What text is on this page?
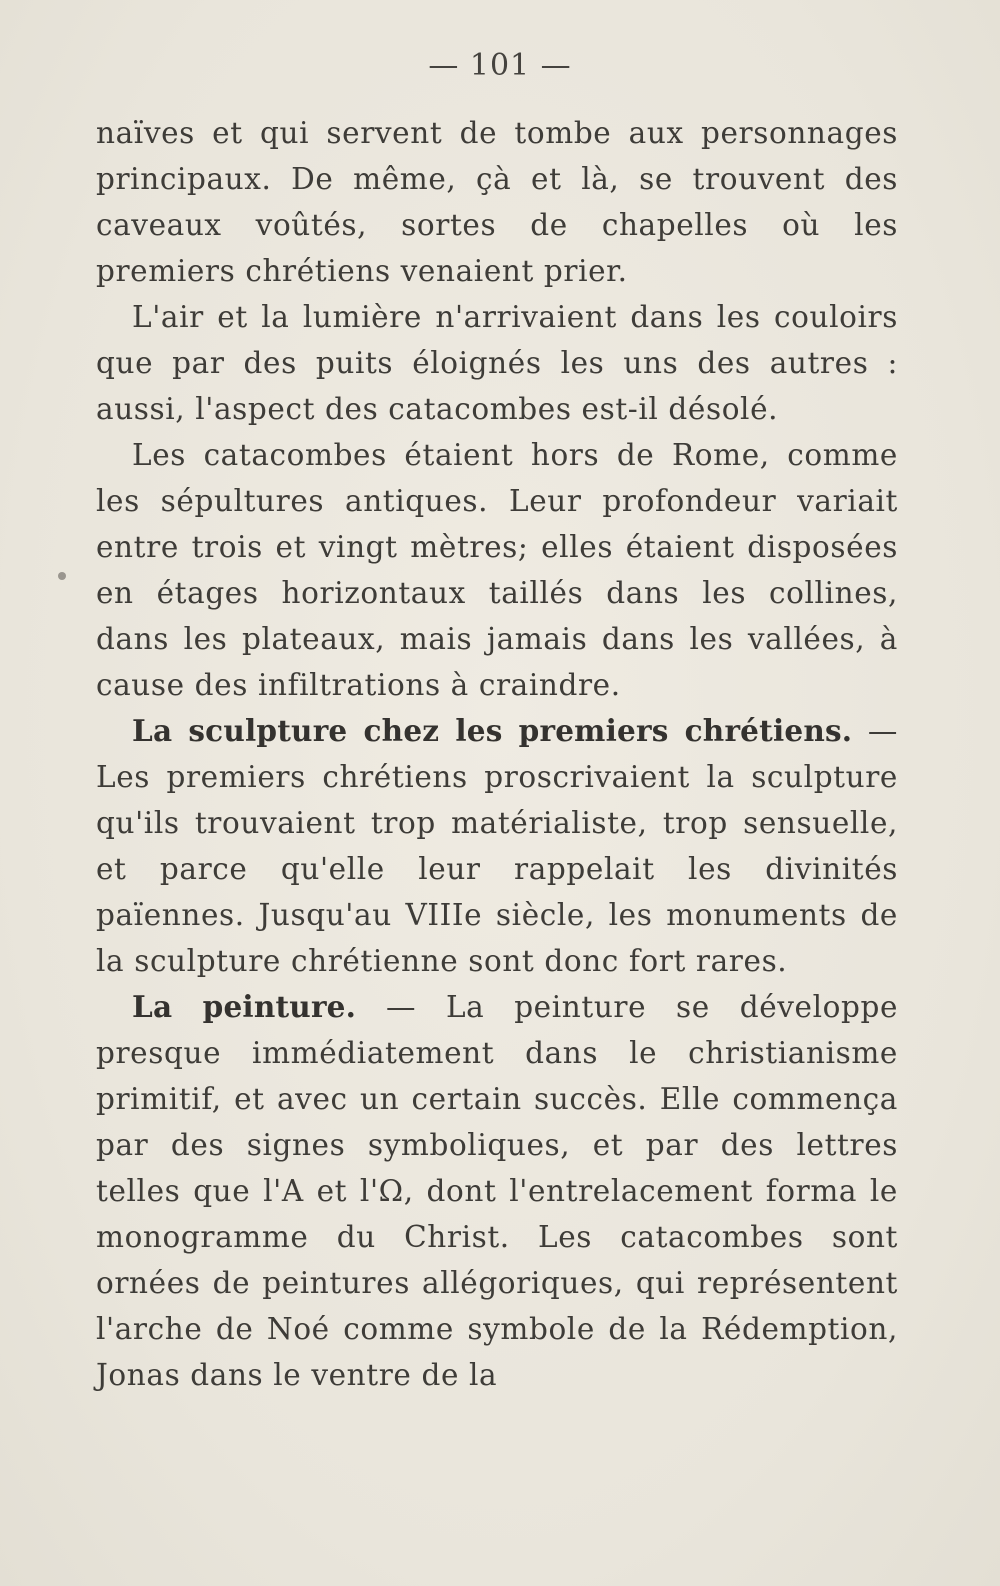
— 101 —

naïves et qui servent de tombe aux personnages principaux. De même, çà et là, se trouvent des caveaux voûtés, sortes de chapelles où les premiers chrétiens venaient prier.

L'air et la lumière n'arrivaient dans les couloirs que par des puits éloignés les uns des autres : aussi, l'aspect des catacombes est-il désolé.

Les catacombes étaient hors de Rome, comme les sépultures antiques. Leur profondeur variait entre trois et vingt mètres; elles étaient disposées en étages horizontaux taillés dans les collines, dans les plateaux, mais jamais dans les vallées, à cause des infiltrations à craindre.

La sculpture chez les premiers chrétiens. — Les premiers chrétiens proscrivaient la sculpture qu'ils trouvaient trop matérialiste, trop sensuelle, et parce qu'elle leur rappelait les divinités païennes. Jusqu'au VIIIe siècle, les monuments de la sculpture chrétienne sont donc fort rares.

La peinture. — La peinture se développe presque immédiatement dans le christianisme primitif, et avec un certain succès. Elle commença par des signes symboliques, et par des lettres telles que l'A et l'Ω, dont l'entrelacement forma le monogramme du Christ. Les catacombes sont ornées de peintures allégoriques, qui représentent l'arche de Noé comme symbole de la Rédemption, Jonas dans le ventre de la
